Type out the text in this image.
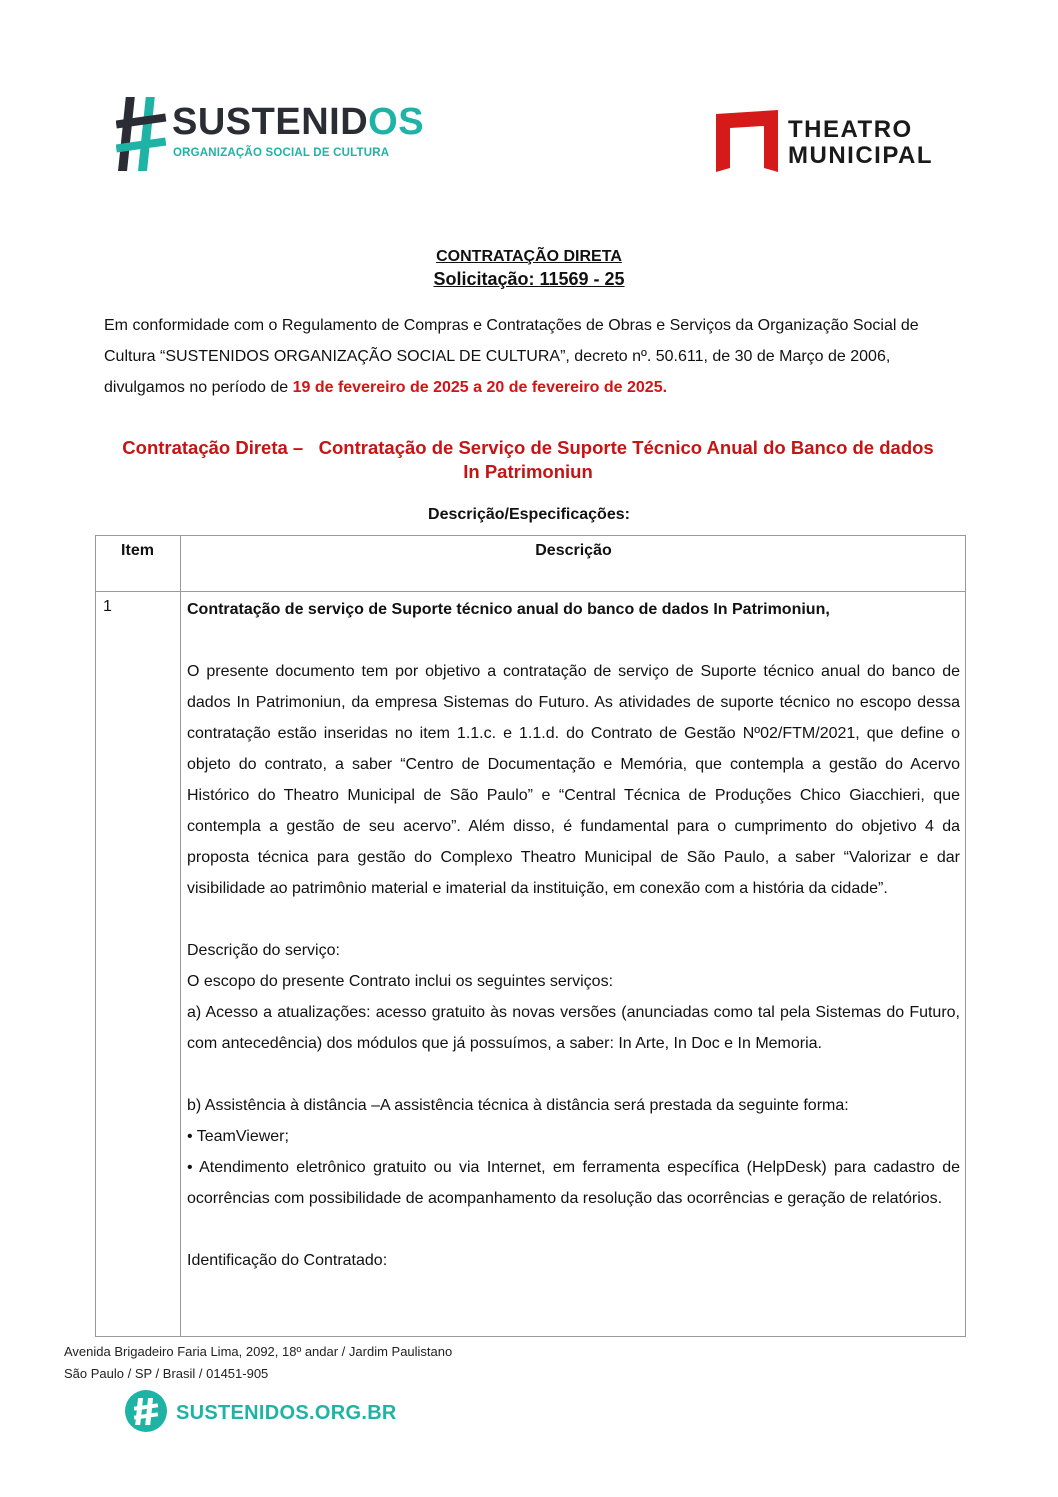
SUSTENIDOS
ORGANIZAÇÃO SOCIAL DE CULTURA
THEATRO
MUNICIPAL
CONTRATAÇÃO DIRETA
Solicitação: 11569 - 25
Em conformidade com o Regulamento de Compras e Contratações de Obras e Serviços da Organização Social de Cultura “SUSTENIDOS ORGANIZAÇÃO SOCIAL DE CULTURA”, decreto nº. 50.611, de 30 de Março de 2006, divulgamos no período de 19 de fevereiro de 2025 a 20 de fevereiro de 2025.
Contratação Direta –   Contratação de Serviço de Suporte Técnico Anual do Banco de dados
In Patrimoniun
Descrição/Especificações:
Item	Descrição
1	Contratação de serviço de Suporte técnico anual do banco de dados In Patrimoniun,

O presente documento tem por objetivo a contratação de serviço de Suporte técnico anual do banco de dados In Patrimoniun, da empresa Sistemas do Futuro. As atividades de suporte técnico no escopo dessa contratação estão inseridas no item 1.1.c. e 1.1.d. do Contrato de Gestão Nº02/FTM/2021, que define o objeto do contrato, a saber “Centro de Documentação e Memória, que contempla a gestão do Acervo Histórico do Theatro Municipal de São Paulo” e “Central Técnica de Produções Chico Giacchieri, que contempla a gestão de seu acervo”. Além disso, é fundamental para o cumprimento do objetivo 4 da proposta técnica para gestão do Complexo Theatro Municipal de São Paulo, a saber “Valorizar e dar visibilidade ao patrimônio material e imaterial da instituição, em conexão com a história da cidade”.

Descrição do serviço:

O escopo do presente Contrato inclui os seguintes serviços:

a) Acesso a atualizações: acesso gratuito às novas versões (anunciadas como tal pela Sistemas do Futuro, com antecedência) dos módulos que já possuímos, a saber: In Arte, In Doc e In Memoria.

b) Assistência à distância –A assistência técnica à distância será prestada da seguinte forma:

• TeamViewer;

• Atendimento eletrônico gratuito ou via Internet, em ferramenta específica (HelpDesk) para cadastro de ocorrências com possibilidade de acompanhamento da resolução das ocorrências e geração de relatórios.

Identificação do Contratado:

Avenida Brigadeiro Faria Lima, 2092, 18º andar / Jardim Paulistano
São Paulo / SP / Brasil / 01451-905
SUSTENIDOS.ORG.BR
